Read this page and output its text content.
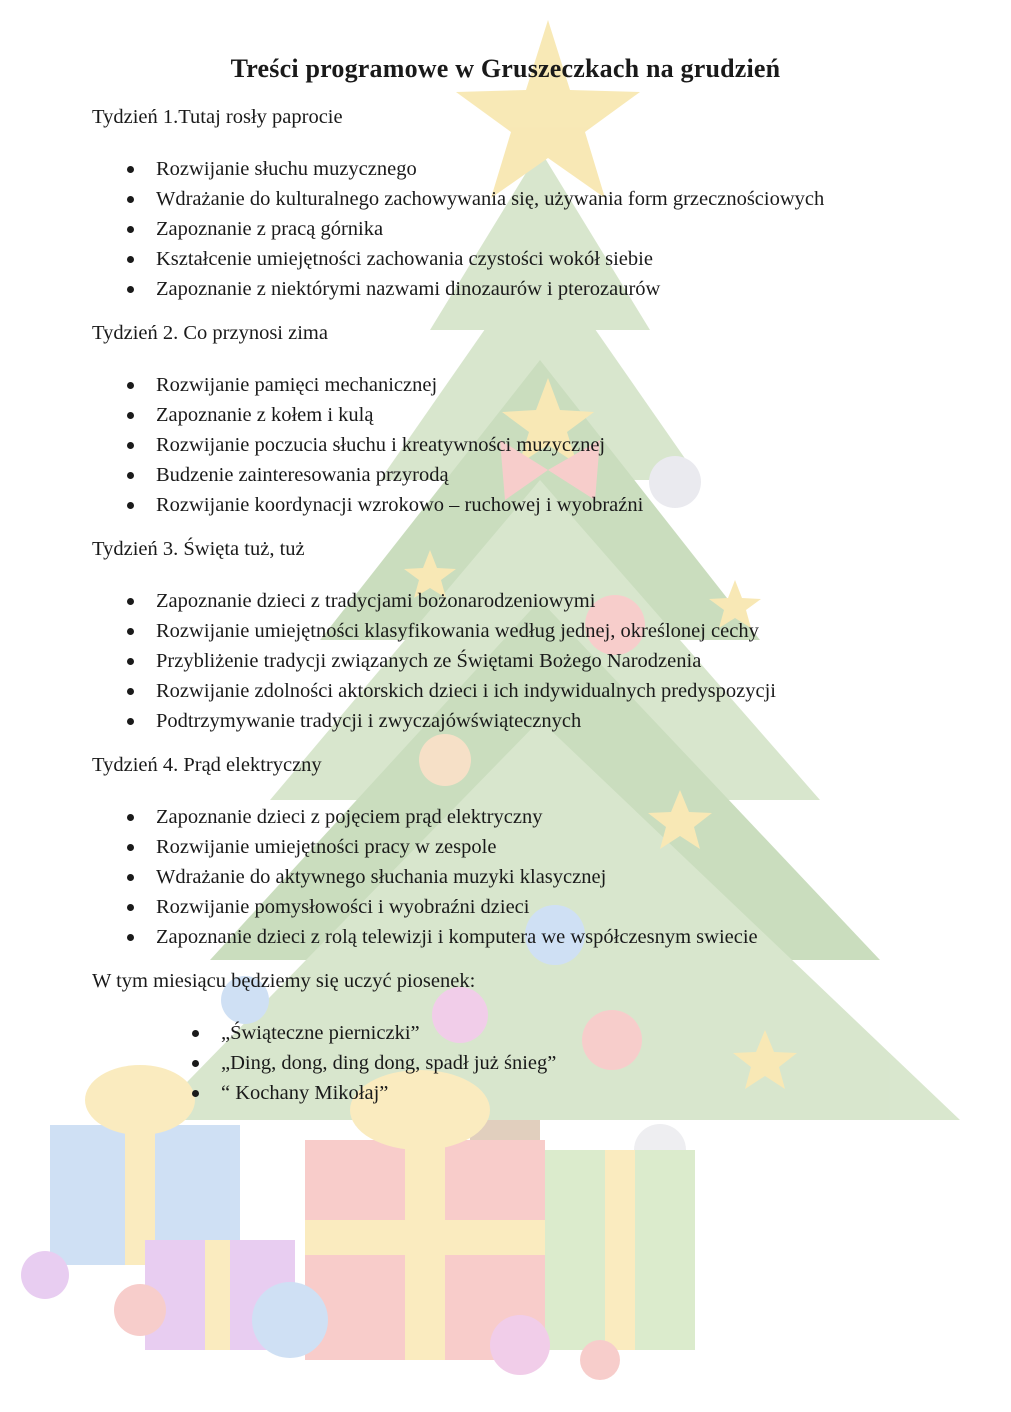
Treści programowe w Gruszeczkach na grudzień

Tydzień 1.Tutaj rosły paprocie

Rozwijanie słuchu muzycznego
Wdrażanie do kulturalnego zachowywania się, używania form grzecznościowych
Zapoznanie z pracą górnika
Kształcenie umiejętności zachowania czystości wokół siebie
Zapoznanie z niektórymi nazwami dinozaurów i pterozaurów

Tydzień 2. Co przynosi zima

Rozwijanie pamięci mechanicznej
Zapoznanie z kołem i kulą
Rozwijanie poczucia słuchu i kreatywności muzycznej
Budzenie zainteresowania przyrodą
Rozwijanie koordynacji wzrokowo – ruchowej i wyobraźni

Tydzień 3. Święta tuż, tuż

Zapoznanie dzieci z tradycjami bożonarodzeniowymi
Rozwijanie umiejętności klasyfikowania według jednej, określonej cechy
Przybliżenie tradycji związanych ze Świętami Bożego Narodzenia
Rozwijanie zdolności aktorskich dzieci i ich indywidualnych predyspozycji
Podtrzymywanie tradycji i zwyczajówświątecznych

Tydzień 4. Prąd elektryczny

Zapoznanie dzieci z pojęciem prąd elektryczny
Rozwijanie umiejętności pracy w zespole
Wdrażanie do aktywnego słuchania muzyki klasycznej
Rozwijanie pomysłowości i wyobraźni dzieci
Zapoznanie dzieci z rolą telewizji i komputera we współczesnym swiecie

W tym miesiącu będziemy się uczyć piosenek:

„Świąteczne pierniczki”
„Ding, dong, ding dong, spadł już śnieg”
“ Kochany Mikołaj”
